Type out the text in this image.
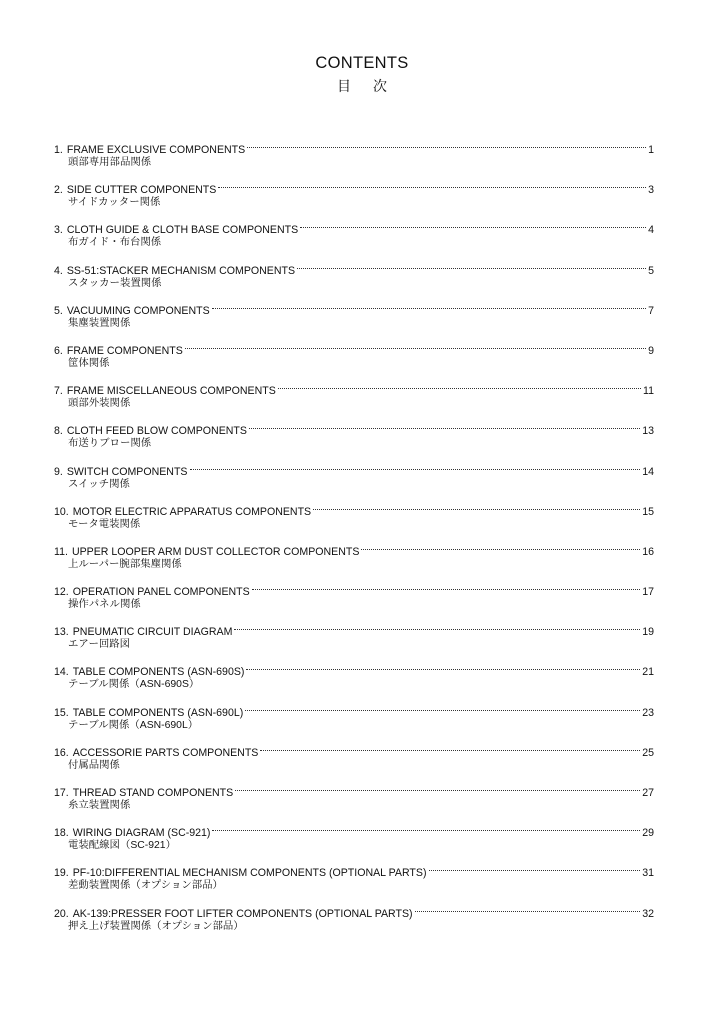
CONTENTS
目次
1. FRAME EXCLUSIVE COMPONENTS	1
頭部専用部品関係
2. SIDE CUTTER COMPONENTS	3
サイドカッター関係
3. CLOTH GUIDE & CLOTH BASE COMPONENTS	4
布ガイド・布台関係
4. SS-51:STACKER MECHANISM COMPONENTS	5
スタッカー装置関係
5. VACUUMING COMPONENTS	7
集塵装置関係
6. FRAME COMPONENTS	9
筐体関係
7. FRAME MISCELLANEOUS COMPONENTS	11
頭部外装関係
8. CLOTH FEED BLOW COMPONENTS	13
布送りブロー関係
9. SWITCH COMPONENTS	14
スイッチ関係
10. MOTOR ELECTRIC APPARATUS COMPONENTS	15
モータ電装関係
11. UPPER LOOPER ARM DUST COLLECTOR COMPONENTS	16
上ルーパー腕部集塵関係
12. OPERATION PANEL COMPONENTS	17
操作パネル関係
13. PNEUMATIC CIRCUIT DIAGRAM	19
エアー回路図
14. TABLE COMPONENTS (ASN-690S)	21
テーブル関係（ASN-690S）
15. TABLE COMPONENTS (ASN-690L)	23
テーブル関係（ASN-690L）
16. ACCESSORIE PARTS COMPONENTS	25
付属品関係
17. THREAD STAND COMPONENTS	27
糸立装置関係
18. WIRING DIAGRAM (SC-921)	29
電装配線図（SC-921）
19. PF-10:DIFFERENTIAL MECHANISM COMPONENTS (OPTIONAL PARTS)	31
差動装置関係（オプション部品）
20. AK-139:PRESSER FOOT LIFTER COMPONENTS (OPTIONAL PARTS)	32
押え上げ装置関係（オプション部品）
